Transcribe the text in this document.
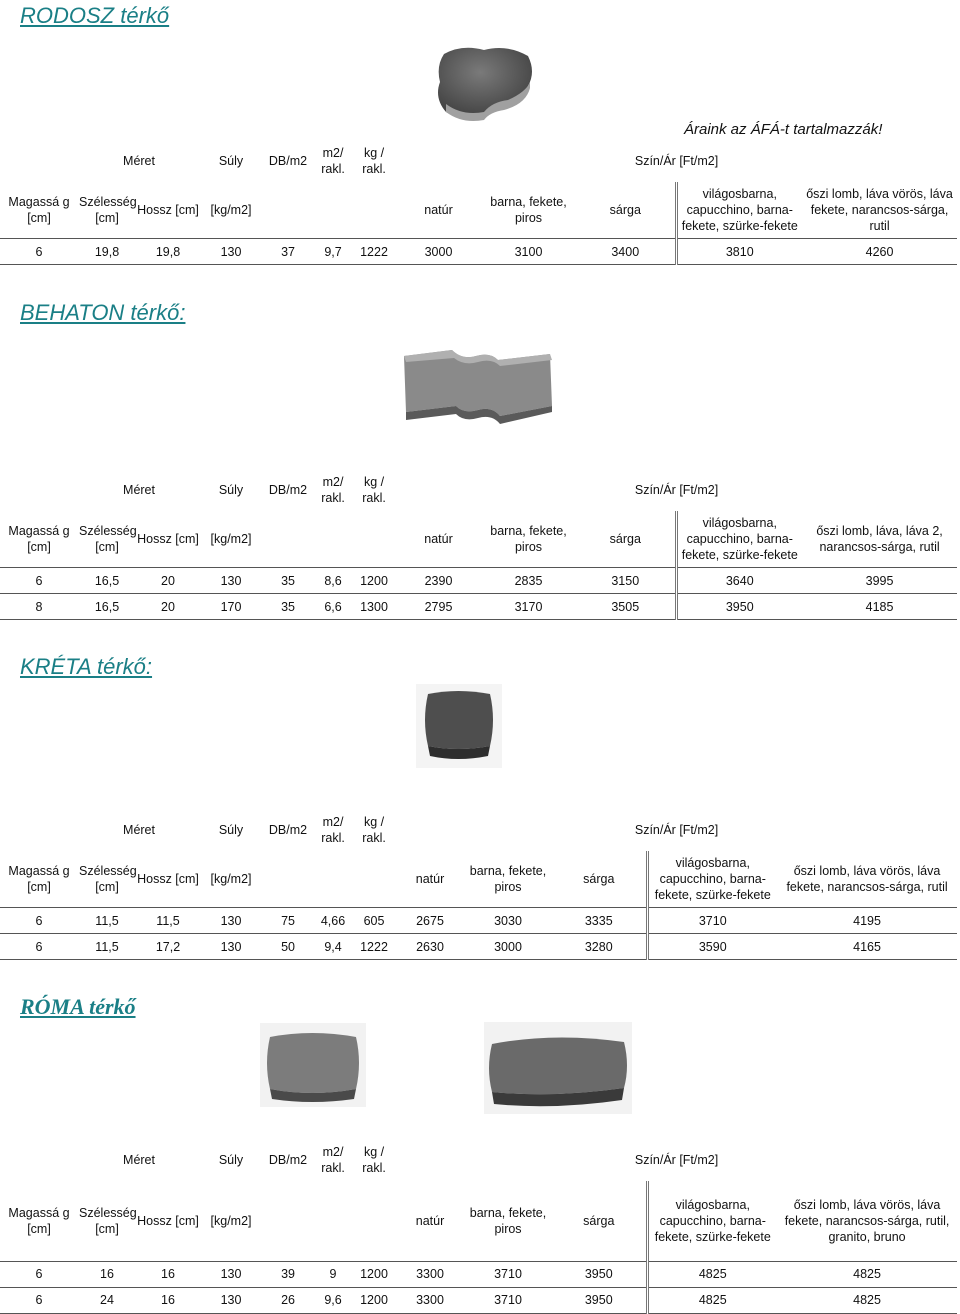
RODOSZ térkő
Áraink az ÁFÁ-t tartalmazzák!
	Méret		Súly	DB/m2	m2/ rakl.	kg / rakl.	Szín/Ár [Ft/m2]				
Magassá g [cm]	Szélesség [cm]	Hossz [cm]	[kg/m2]				natúr	barna, fekete, piros	sárga	világosbarna, capucchino, barna-fekete, szürke-fekete	őszi lomb, láva vörös, láva fekete, narancsos-sárga, rutil
6	19,8	19,8	130	37	9,7	1222	3000	3100	3400	3810	4260
BEHATON térkő:
	Méret		Súly	DB/m2	m2/ rakl.	kg / rakl.	Szín/Ár [Ft/m2]				
Magassá g [cm]	Szélesség [cm]	Hossz [cm]	[kg/m2]				natúr	barna, fekete, piros	sárga	világosbarna, capucchino, barna-fekete, szürke-fekete	őszi lomb, láva, láva 2, narancsos-sárga, rutil
6	16,5	20	130	35	8,6	1200	2390	2835	3150	3640	3995
8	16,5	20	170	35	6,6	1300	2795	3170	3505	3950	4185
KRÉTA térkő:
	Méret		Súly	DB/m2	m2/ rakl.	kg / rakl.	Szín/Ár [Ft/m2]				
Magassá g [cm]	Szélesség [cm]	Hossz [cm]	[kg/m2]				natúr	barna, fekete, piros	sárga	világosbarna, capucchino, barna-fekete, szürke-fekete	őszi lomb, láva vörös, láva fekete, narancsos-sárga, rutil
6	11,5	11,5	130	75	4,66	605	2675	3030	3335	3710	4195
6	11,5	17,2	130	50	9,4	1222	2630	3000	3280	3590	4165
RÓMA térkő
	Méret		Súly	DB/m2	m2/ rakl.	kg / rakl.	Szín/Ár [Ft/m2]				
Magassá g [cm]	Szélesség [cm]	Hossz [cm]	[kg/m2]				natúr	barna, fekete, piros	sárga	világosbarna, capucchino, barna-fekete, szürke-fekete	őszi lomb, láva vörös, láva fekete, narancsos-sárga, rutil, granito, bruno
6	16	16	130	39	9	1200	3300	3710	3950	4825	4825
6	24	16	130	26	9,6	1200	3300	3710	3950	4825	4825
